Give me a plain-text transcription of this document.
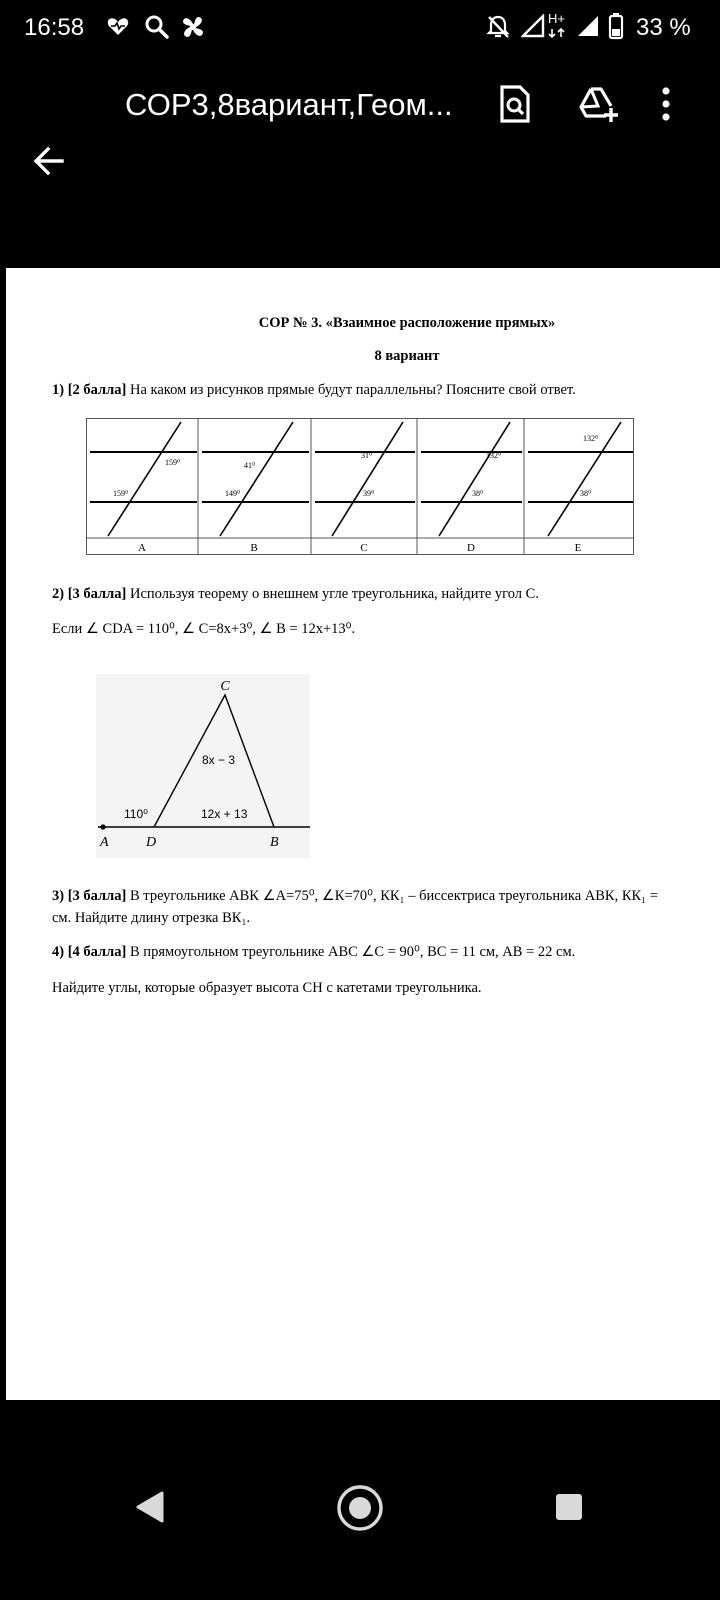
16:58	H+	33 %
СОР3,8вариант,Геом...
СОР № 3. «Взаимное расположение прямых»
8 вариант
1) [2 балла] На каком из рисунков прямые будут параллельны? Поясните свой ответ.
159⁰
159⁰
A
41⁰
149⁰
B
31⁰
39⁰
C
132⁰
38⁰
D
132⁰
38⁰
E
2) [3 балла] Используя теорему о внешнем угле треугольника, найдите угол С.
Если ∠ CDA = 110⁰, ∠ C=8x+3⁰, ∠ B = 12x+13⁰.
C
8x − 3
110⁰	12x + 13
A	D	B
3) [3 балла] В треугольнике АВК ∠А=75⁰, ∠К=70⁰, КК₁ – биссектриса треугольника АВК, КК₁ =
см. Найдите длину отрезка ВК₁.
4) [4 балла] В прямоугольном треугольнике АВС ∠С = 90⁰, ВС = 11 см, АВ = 22 см.
Найдите углы, которые образует высота СН с катетами треугольника.
